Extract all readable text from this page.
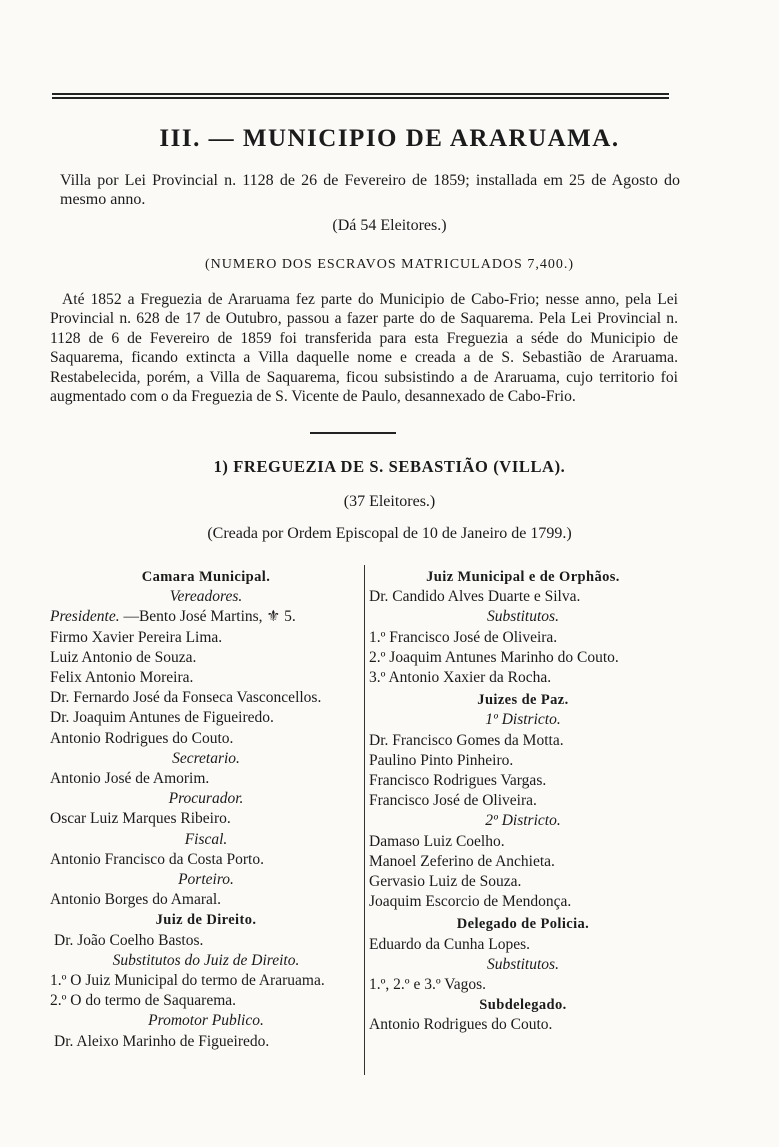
III. — MUNICIPIO DE ARARUAMA.
Villa por Lei Provincial n. 1128 de 26 de Fevereiro de 1859; installada em 25 de Agosto do mesmo anno.
(Dá 54 Eleitores.)
(NUMERO DOS ESCRAVOS MATRICULADOS 7,400.)
Até 1852 a Freguezia de Araruama fez parte do Municipio de Cabo-Frio; nesse anno, pela Lei Provincial n. 628 de 17 de Outubro, passou a fazer parte do de Saquarema. Pela Lei Provincial n. 1128 de 6 de Fevereiro de 1859 foi transferida para esta Freguezia a séde do Municipio de Saquarema, ficando extincta a Villa daquelle nome e creada a de S. Sebastião de Araruama. Restabelecida, porém, a Villa de Saquarema, ficou subsistindo a de Araruama, cujo territorio foi augmentado com o da Freguezia de S. Vicente de Paulo, desannexado de Cabo-Frio.
1) FREGUEZIA DE S. SEBASTIÃO (VILLA).
(37 Eleitores.)
(Creada por Ordem Episcopal de 10 de Janeiro de 1799.)
Camara Municipal.
Vereadores.
Presidente. —Bento José Martins, ⚜ 5.
Firmo Xavier Pereira Lima.
Luiz Antonio de Souza.
Felix Antonio Moreira.
Dr. Fernardo José da Fonseca Vasconcellos.
Dr. Joaquim Antunes de Figueiredo.
Antonio Rodrigues do Couto.
Secretario.
Antonio José de Amorim.
Procurador.
Oscar Luiz Marques Ribeiro.
Fiscal.
Antonio Francisco da Costa Porto.
Porteiro.
Antonio Borges do Amaral.
Juiz de Direito.
Dr. João Coelho Bastos.
Substitutos do Juiz de Direito.
1.º O Juiz Municipal do termo de Araruama.
2.º O do termo de Saquarema.
Promotor Publico.
Dr. Aleixo Marinho de Figueiredo.
Juiz Municipal e de Orphãos.
Dr. Candido Alves Duarte e Silva.
Substitutos.
1.º Francisco José de Oliveira.
2.º Joaquim Antunes Marinho do Couto.
3.º Antonio Xaxier da Rocha.
Juizes de Paz.
1º Districto.
Dr. Francisco Gomes da Motta.
Paulino Pinto Pinheiro.
Francisco Rodrigues Vargas.
Francisco José de Oliveira.
2º Districto.
Damaso Luiz Coelho.
Manoel Zeferino de Anchieta.
Gervasio Luiz de Souza.
Joaquim Escorcio de Mendonça.
Delegado de Policia.
Eduardo da Cunha Lopes.
Substitutos.
1.º, 2.º e 3.º Vagos.
Subdelegado.
Antonio Rodrigues do Couto.
